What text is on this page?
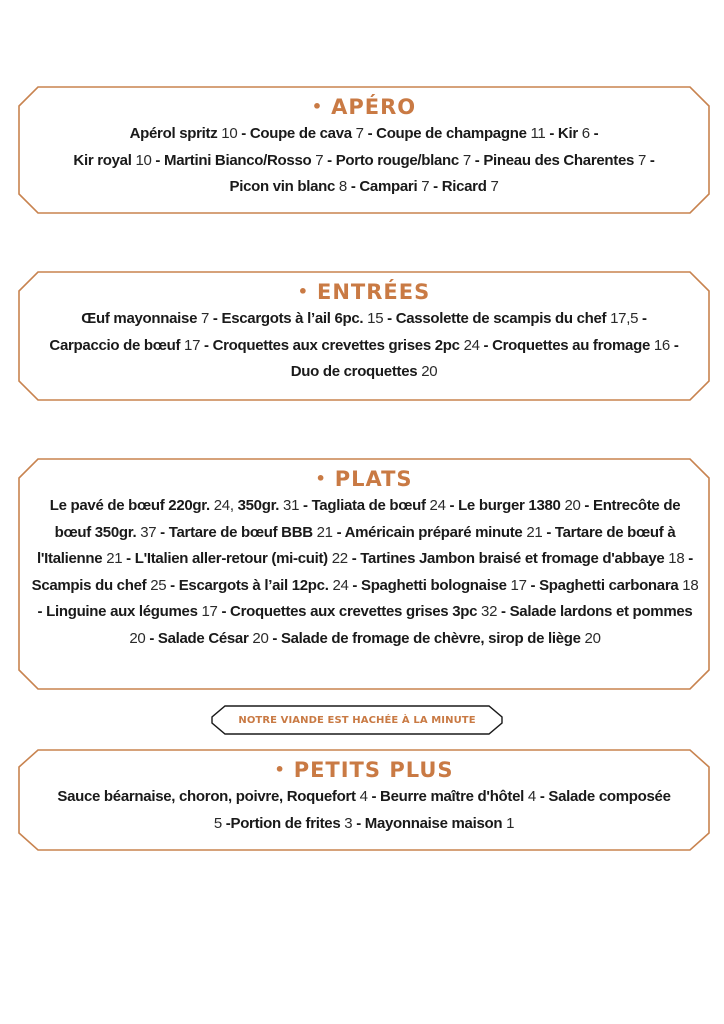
• APÉRO
Apérol spritz 10 - Coupe de cava 7 - Coupe de champagne 11 - Kir 6 -
Kir royal 10 - Martini Bianco/Rosso 7 - Porto rouge/blanc 7 - Pineau des Charentes 7 -
Picon vin blanc 8 - Campari 7 - Ricard 7
• ENTRÉES
Œuf mayonnaise 7 - Escargots à l’ail 6pc. 15 - Cassolette de scampis du chef 17,5 -
Carpaccio de bœuf 17 - Croquettes aux crevettes grises 2pc 24 - Croquettes au fromage 16 - Duo de croquettes 20
• PLATS
Le pavé de bœuf 220gr. 24, 350gr. 31 - Tagliata de bœuf 24 - Le burger 1380 20 - Entrecôte de bœuf 350gr. 37 - Tartare de bœuf BBB 21 - Américain préparé minute 21 - Tartare de bœuf à l'Italienne 21 - L'Italien aller-retour (mi-cuit) 22 - Tartines Jambon braisé et fromage d'abbaye 18 - Scampis du chef 25 - Escargots à l’ail 12pc. 24 - Spaghetti bolognaise 17 - Spaghetti carbonara 18 - Linguine aux légumes 17 - Croquettes aux crevettes grises 3pc 32 - Salade lardons et pommes 20 - Salade César 20 - Salade de fromage de chèvre, sirop de liège 20
NOTRE VIANDE EST HACHÉE À LA MINUTE
• PETITS PLUS
Sauce béarnaise, choron, poivre, Roquefort 4 - Beurre maître d'hôtel 4 - Salade composée 5 -Portion de frites 3 - Mayonnaise maison 1
